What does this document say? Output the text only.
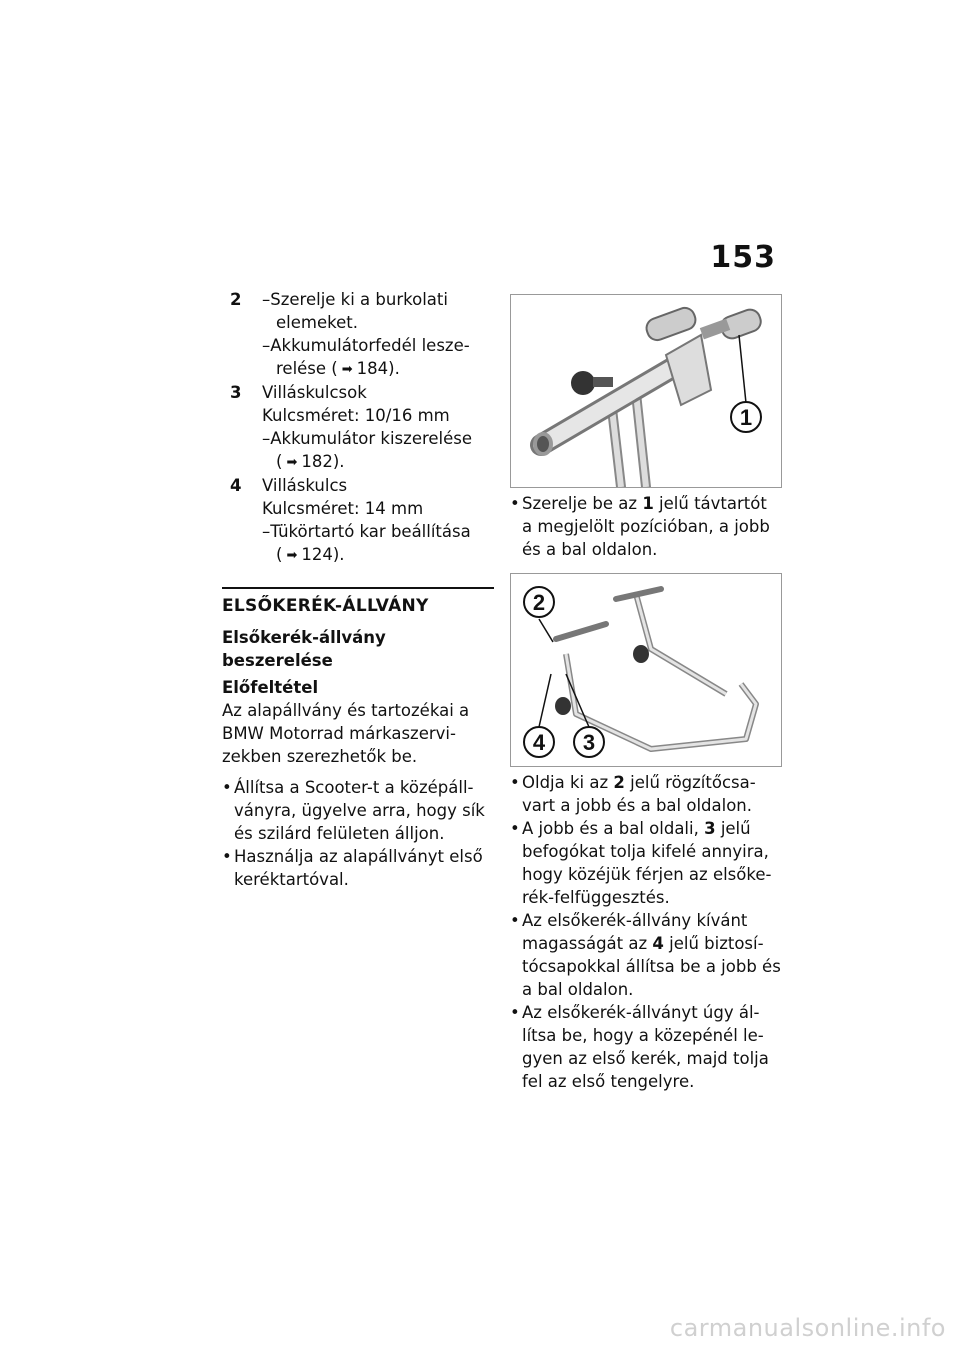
153
2 –Szerelje ki a burkolati
elemeket.
–Akkumulátorfedél lesze-
relése ( ➡ 184).
3 Villáskulcsok
Kulcsméret: 10/16 mm
–Akkumulátor kiszerelése
( ➡ 182).
4 Villáskulcs
Kulcsméret: 14 mm
–Tükörtartó kar beállítása
( ➡ 124).
ELSŐKERÉK-ÁLLVÁNY
Elsőkerék-állvány beszerelése
Előfeltétel
Az alapállvány és tartozékai a BMW Motorrad márkaszervi-zekben szerezhetők be.
• Állítsa a Scooter-t a középáll-ványra, ügyelve arra, hogy sík és szilárd felületen álljon.
• Használja az alapállványt első keréktartóval.
1
• Szerelje be az 1 jelű távtartót a megjelölt pozícióban, a jobb és a bal oldalon.
2
4 3
• Oldja ki az 2 jelű rögzítőcsa-vart a jobb és a bal oldalon.
• A jobb és a bal oldali, 3 jelű befogókat tolja kifelé annyira, hogy közéjük férjen az elsőke-rék-felfüggesztés.
• Az elsőkerék-állvány kívánt magasságát az 4 jelű biztosí-tócsapokkal állítsa be a jobb és a bal oldalon.
• Az elsőkerék-állványt úgy ál-lítsa be, hogy a közepénél le-gyen az első kerék, majd tolja fel az első tengelyre.
carmanualsonline.info
